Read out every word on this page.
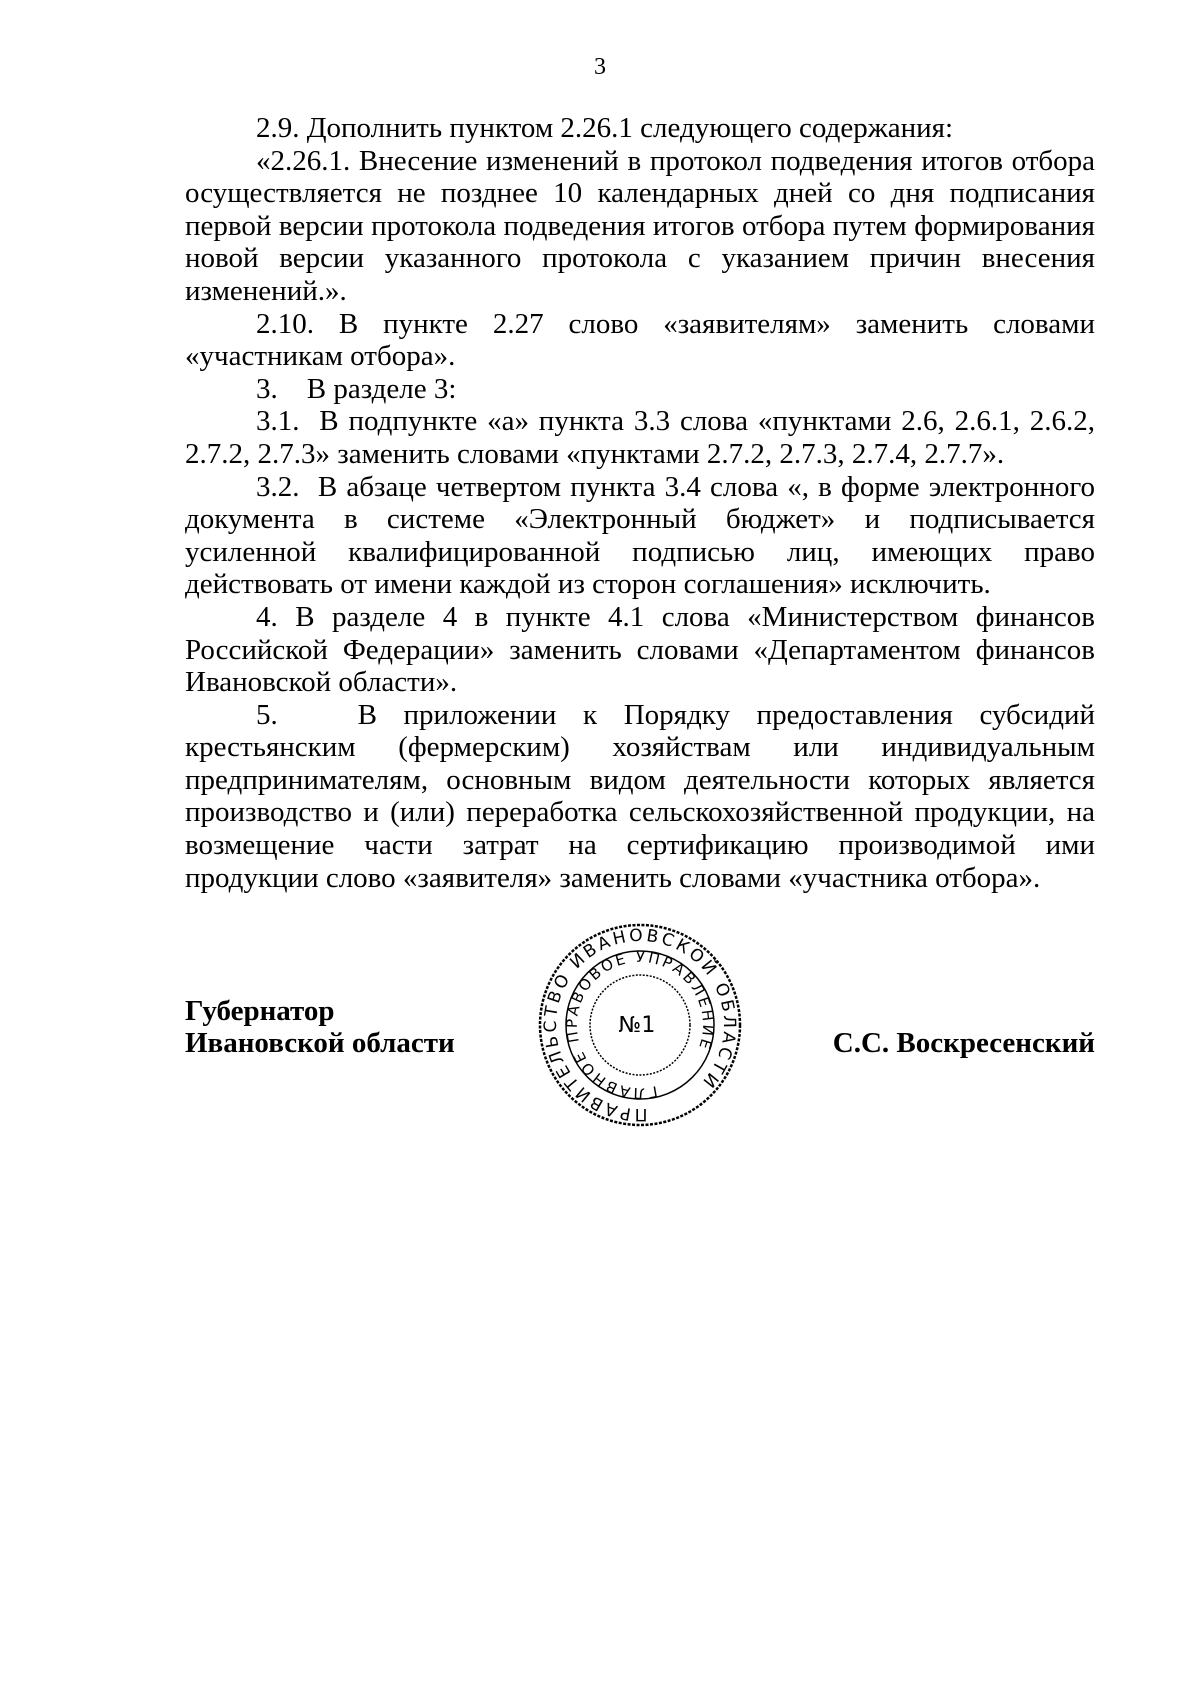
3

2.9. Дополнить пунктом 2.26.1 следующего содержания:

«2.26.1. Внесение изменений в протокол подведения итогов отбора осуществляется не позднее 10 календарных дней со дня подписания первой версии протокола подведения итогов отбора путем формирования новой версии указанного протокола с указанием причин внесения изменений.».

2.10. В пункте 2.27 слово «заявителям» заменить словами «участникам отбора».

3.    В разделе 3:

3.1.  В подпункте «а» пункта 3.3 слова «пунктами 2.6, 2.6.1, 2.6.2, 2.7.2, 2.7.3» заменить словами «пунктами 2.7.2, 2.7.3, 2.7.4, 2.7.7».

3.2.  В абзаце четвертом пункта 3.4 слова «, в форме электронного документа в системе «Электронный бюджет» и подписывается усиленной квалифицированной подписью лиц, имеющих право действовать от имени каждой из сторон соглашения» исключить.

4. В разделе 4 в пункте 4.1 слова «Министерством финансов Российской Федерации» заменить словами «Департаментом финансов Ивановской области».

5.   В приложении к Порядку предоставления субсидий крестьянским (фермерским) хозяйствам или индивидуальным предпринимателям, основным видом деятельности которых является производство и (или) переработка сельскохозяйственной продукции, на возмещение части затрат на сертификацию производимой ими продукции слово «заявителя» заменить словами «участника отбора».

Губернатор
Ивановской области
ПРАВИТЕЛЬСТВО ИВАНОВСКОЙ ОБЛАСТИ
ГЛАВНОЕ ПРАВОВОЕ УПРАВЛЕНИЕ
№1
С.С. Воскресенский
